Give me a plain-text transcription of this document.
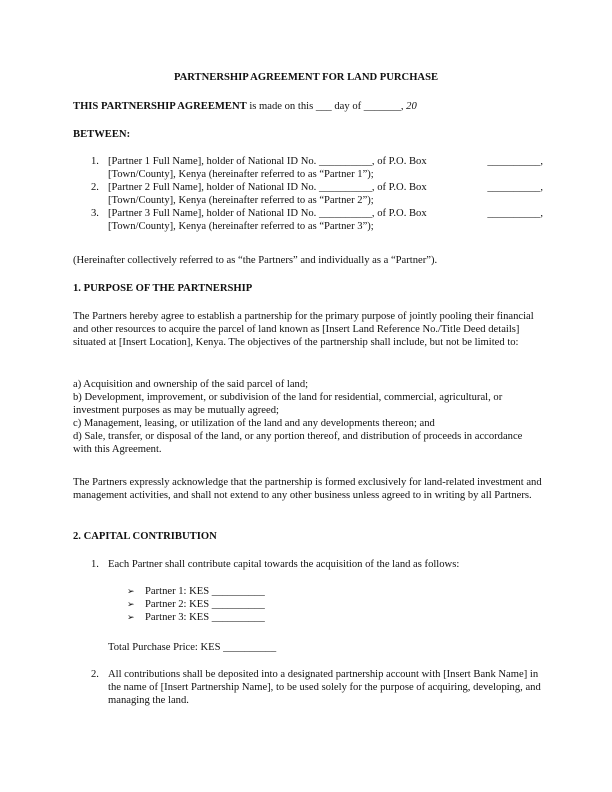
PARTNERSHIP AGREEMENT FOR LAND PURCHASE
THIS PARTNERSHIP AGREEMENT is made on this ___ day of _______, 20
BETWEEN:
1. [Partner 1 Full Name], holder of National ID No. __________, of P.O. Box	__________,
[Town/County], Kenya (hereinafter referred to as “Partner 1”);
2. [Partner 2 Full Name], holder of National ID No. __________, of P.O. Box	__________,
[Town/County], Kenya (hereinafter referred to as “Partner 2”);
3. [Partner 3 Full Name], holder of National ID No. __________, of P.O. Box	__________,
[Town/County], Kenya (hereinafter referred to as “Partner 3”);
(Hereinafter collectively referred to as “the Partners” and individually as a “Partner”).
1. PURPOSE OF THE PARTNERSHIP

The Partners hereby agree to establish a partnership for the primary purpose of jointly pooling their financial and other resources to acquire the parcel of land known as [Insert Land Reference No./Title Deed details] situated at [Insert Location], Kenya. The objectives of the partnership shall include, but not be limited to:

a) Acquisition and ownership of the said parcel of land;
b) Development, improvement, or subdivision of the land for residential, commercial, agricultural, or investment purposes as may be mutually agreed;
c) Management, leasing, or utilization of the land and any developments thereon; and
d) Sale, transfer, or disposal of the land, or any portion thereof, and distribution of proceeds in accordance with this Agreement.

The Partners expressly acknowledge that the partnership is formed exclusively for land-related investment and management activities, and shall not extend to any other business unless agreed to in writing by all Partners.

2. CAPITAL CONTRIBUTION
1. Each Partner shall contribute capital towards the acquisition of the land as follows:
➢ Partner 1: KES __________
➢ Partner 2: KES __________
➢ Partner 3: KES __________
Total Purchase Price: KES __________
2. All contributions shall be deposited into a designated partnership account with [Insert Bank Name] in the name of [Insert Partnership Name], to be used solely for the purpose of acquiring, developing, and managing the land.
